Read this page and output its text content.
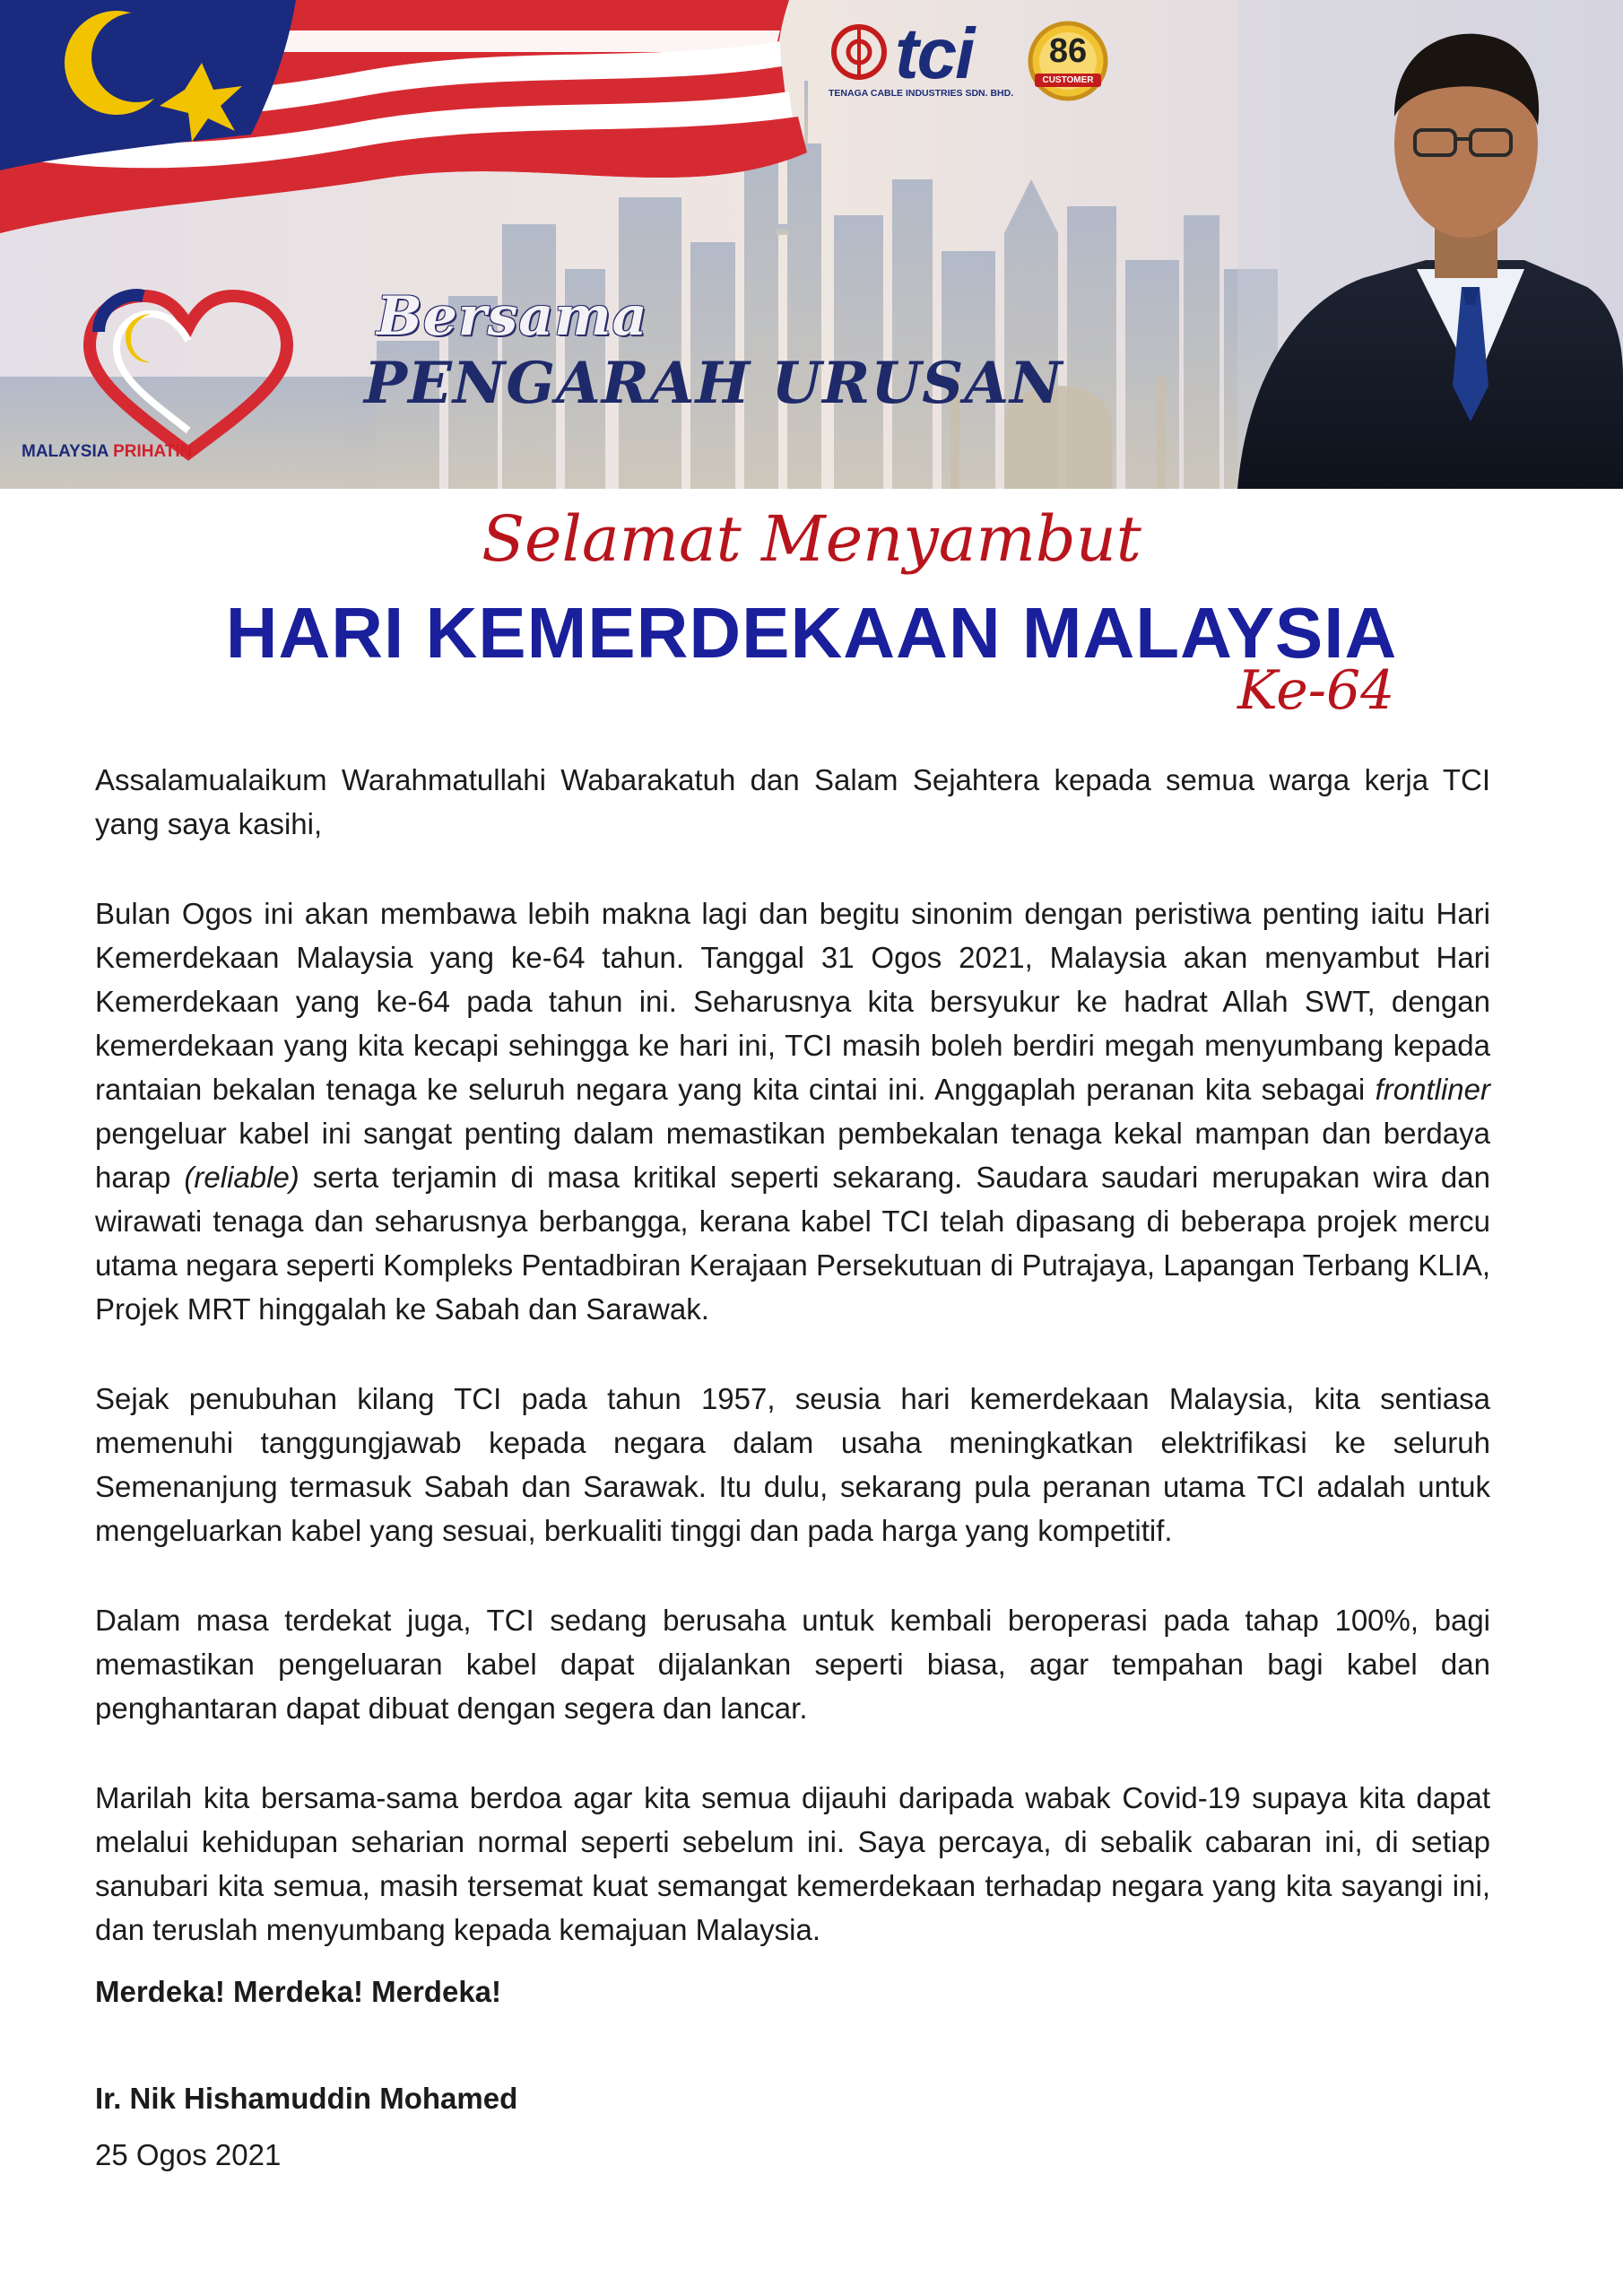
tci
TENAGA CABLE INDUSTRIES SDN. BHD.
86
CUSTOMER
Bersama
PENGARAH URUSAN
MALAYSIA PRIHATIN
Selamat Menyambut
HARI KEMERDEKAAN MALAYSIA
Ke-64

Assalamualaikum Warahmatullahi Wabarakatuh dan Salam Sejahtera kepada semua warga kerja TCI yang saya kasihi,

Bulan Ogos ini akan membawa lebih makna lagi dan begitu sinonim dengan peristiwa penting iaitu Hari Kemerdekaan Malaysia yang ke-64 tahun. Tanggal 31 Ogos 2021, Malaysia akan menyambut Hari Kemerdekaan yang ke-64 pada tahun ini. Seharusnya kita bersyukur ke hadrat Allah SWT, dengan kemerdekaan yang kita kecapi sehingga ke hari ini, TCI masih boleh berdiri megah menyumbang kepada rantaian bekalan tenaga ke seluruh negara yang kita cintai ini. Anggaplah peranan kita sebagai frontliner pengeluar kabel ini sangat penting dalam memastikan pembekalan tenaga kekal mampan dan berdaya harap (reliable) serta terjamin di masa kritikal seperti sekarang. Saudara saudari merupakan wira dan wirawati tenaga dan seharusnya berbangga, kerana kabel TCI telah dipasang di beberapa projek mercu utama negara seperti Kompleks Pentadbiran Kerajaan Persekutuan di Putrajaya, Lapangan Terbang KLIA, Projek MRT hinggalah ke Sabah dan Sarawak.

Sejak penubuhan kilang TCI pada tahun 1957, seusia hari kemerdekaan Malaysia, kita sentiasa memenuhi tanggungjawab kepada negara dalam usaha meningkatkan elektrifikasi ke seluruh Semenanjung termasuk Sabah dan Sarawak. Itu dulu, sekarang pula peranan utama TCI adalah untuk mengeluarkan kabel yang sesuai, berkualiti tinggi dan pada harga yang kompetitif.

Dalam masa terdekat juga, TCI sedang berusaha untuk kembali beroperasi pada tahap 100%, bagi memastikan pengeluaran kabel dapat dijalankan seperti biasa, agar tempahan bagi kabel dan penghantaran dapat dibuat dengan segera dan lancar.

Marilah kita bersama-sama berdoa agar kita semua dijauhi daripada wabak Covid-19 supaya kita dapat melalui kehidupan seharian normal seperti sebelum ini. Saya percaya, di sebalik cabaran ini, di setiap sanubari kita semua, masih tersemat kuat semangat kemerdekaan terhadap negara yang kita sayangi ini, dan teruslah menyumbang kepada kemajuan Malaysia.

Merdeka! Merdeka! Merdeka!

Ir. Nik Hishamuddin Mohamed

25 Ogos 2021
